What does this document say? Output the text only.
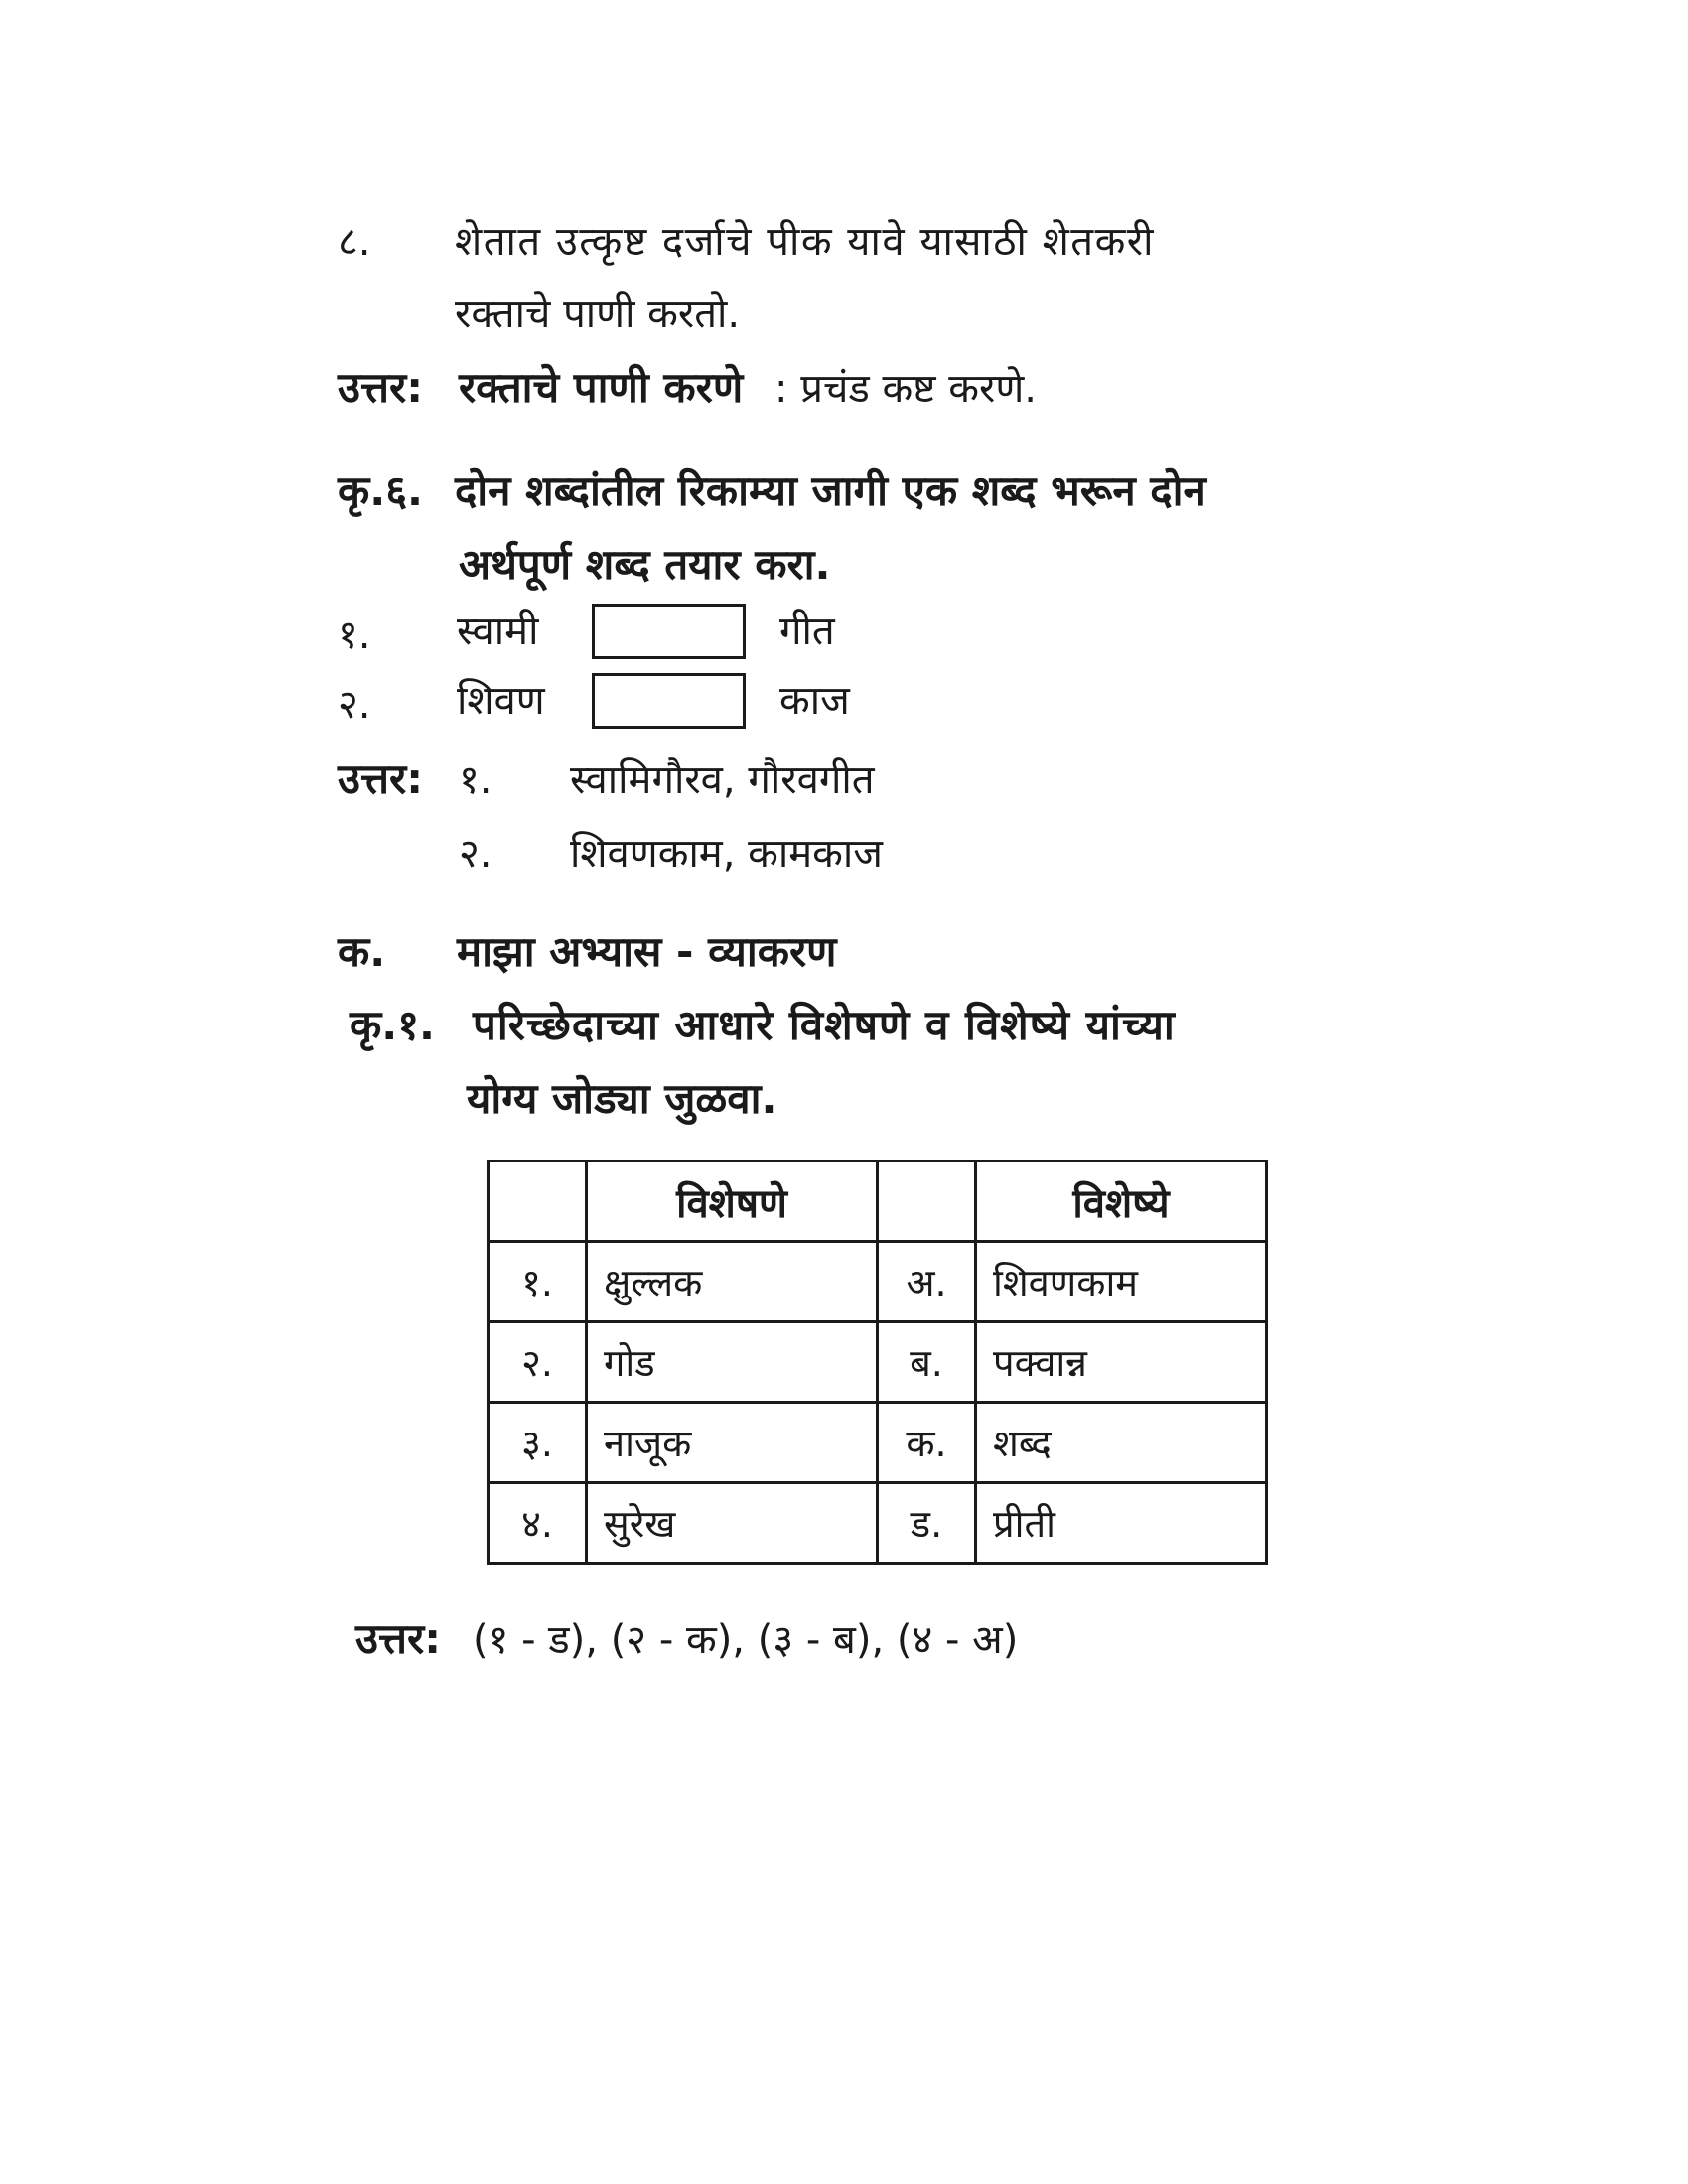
८. शेतात उत्कृष्ट दर्जाचे पीक यावे यासाठी शेतकरी
रक्ताचे पाणी करतो.
उत्तर: रक्ताचे पाणी करणे : प्रचंड कष्ट करणे.
कृ.६. दोन शब्दांतील रिकाम्या जागी एक शब्द भरून दोन
अर्थपूर्ण शब्द तयार करा.
१. स्वामी	गीत
२. शिवण	काज
उत्तर: १. स्वामिगौरव, गौरवगीत
२. शिवणकाम, कामकाज
क. माझा अभ्यास - व्याकरण
कृ.१. परिच्छेदाच्या आधारे विशेषणे व विशेष्ये यांच्या
योग्य जोड्या जुळवा.
	विशेषणे		विशेष्ये
१.	क्षुल्लक	अ.	शिवणकाम
२.	गोड	ब.	पक्वान्न
३.	नाजूक	क.	शब्द
४.	सुरेख	ड.	प्रीती
उत्तर: (१ - ड), (२ - क), (३ - ब), (४ - अ)
